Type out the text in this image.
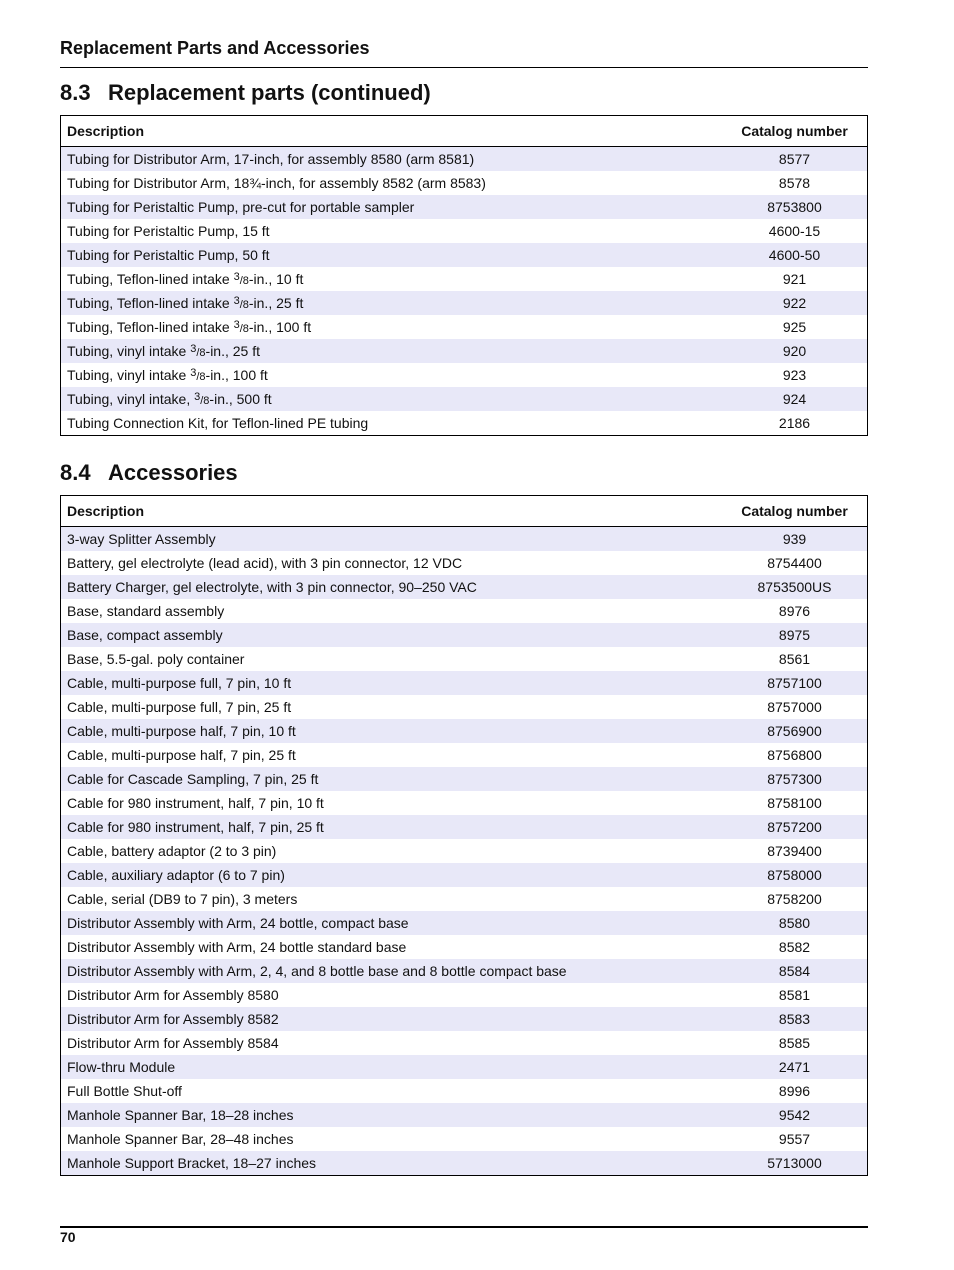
Replacement Parts and Accessories
8.3 Replacement parts (continued)
Description	Catalog number
Tubing for Distributor Arm, 17-inch, for assembly 8580 (arm 8581)	8577
Tubing for Distributor Arm, 18¾-inch, for assembly 8582 (arm 8583)	8578
Tubing for Peristaltic Pump, pre-cut for portable sampler	8753800
Tubing for Peristaltic Pump, 15 ft	4600-15
Tubing for Peristaltic Pump, 50 ft	4600-50
Tubing, Teflon-lined intake $^3$/8-in., 10 ft	921
Tubing, Teflon-lined intake $^3$/8-in., 25 ft	922
Tubing, Teflon-lined intake $^3$/8-in., 100 ft	925
Tubing, vinyl intake $^3$/8-in., 25 ft	920
Tubing, vinyl intake $^3$/8-in., 100 ft	923
Tubing, vinyl intake, $^3$/8-in., 500 ft	924
Tubing Connection Kit, for Teflon-lined PE tubing	2186
8.4 Accessories
Description	Catalog number
3-way Splitter Assembly	939
Battery, gel electrolyte (lead acid), with 3 pin connector, 12 VDC	8754400
Battery Charger, gel electrolyte, with 3 pin connector, 90–250 VAC	8753500US
Base, standard assembly	8976
Base, compact assembly	8975
Base, 5.5-gal. poly container	8561
Cable, multi-purpose full, 7 pin, 10 ft	8757100
Cable, multi-purpose full, 7 pin, 25 ft	8757000
Cable, multi-purpose half, 7 pin, 10 ft	8756900
Cable, multi-purpose half, 7 pin, 25 ft	8756800
Cable for Cascade Sampling, 7 pin, 25 ft	8757300
Cable for 980 instrument, half, 7 pin, 10 ft	8758100
Cable for 980 instrument, half, 7 pin, 25 ft	8757200
Cable, battery adaptor (2 to 3 pin)	8739400
Cable, auxiliary adaptor (6 to 7 pin)	8758000
Cable, serial (DB9 to 7 pin), 3 meters	8758200
Distributor Assembly with Arm, 24 bottle, compact base	8580
Distributor Assembly with Arm, 24 bottle standard base	8582
Distributor Assembly with Arm, 2, 4, and 8 bottle base and 8 bottle compact base	8584
Distributor Arm for Assembly 8580	8581
Distributor Arm for Assembly 8582	8583
Distributor Arm for Assembly 8584	8585
Flow-thru Module	2471
Full Bottle Shut-off	8996
Manhole Spanner Bar, 18–28 inches	9542
Manhole Spanner Bar, 28–48 inches	9557
Manhole Support Bracket, 18–27 inches	5713000
70
